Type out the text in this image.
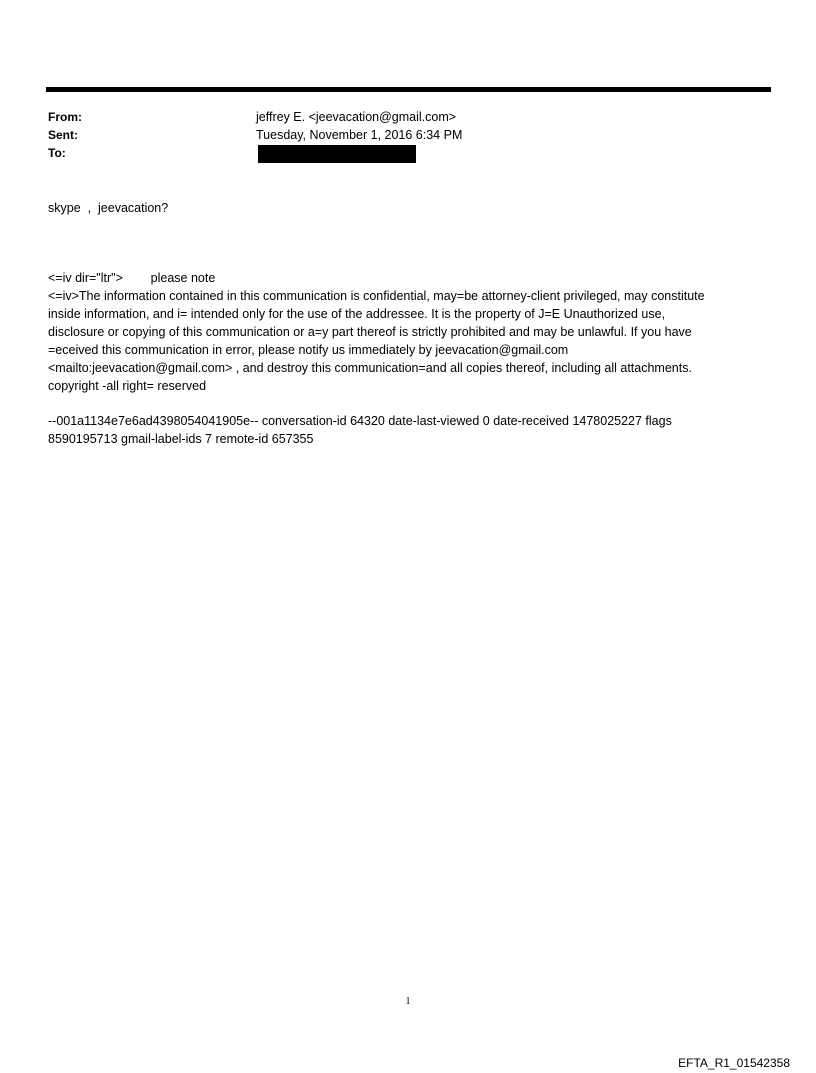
From:	jeffrey E. <jeevacation@gmail.com>
Sent:	Tuesday, November 1, 2016 6:34 PM
To:

skype  ,  jeevacation?

<=iv dir="ltr">        please note

<=iv>The information contained in this communication is confidential, may=be attorney-client privileged, may constitute

inside information, and i= intended only for the use of the addressee. It is the property of J=E Unauthorized use,

disclosure or copying of this communication or a=y part thereof is strictly prohibited and may be unlawful. If you have

=eceived this communication in error, please notify us immediately by jeevacation@gmail.com

<mailto:jeevacation@gmail.com> , and destroy this communication=and all copies thereof, including all attachments.

copyright -all right= reserved

--001a1134e7e6ad4398054041905e-- conversation-id 64320 date-last-viewed 0 date-received 1478025227 flags

8590195713 gmail-label-ids 7 remote-id 657355

1
EFTA_R1_01542358
